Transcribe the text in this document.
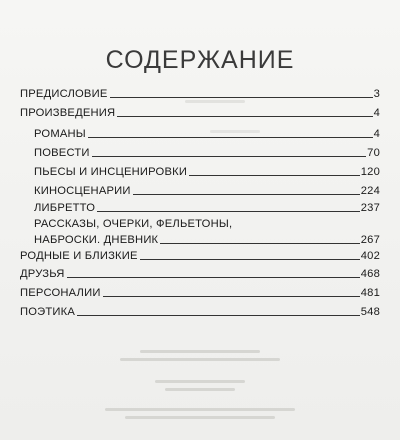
СОДЕРЖАНИЕ
ПРЕДИСЛОВИЕ	3
ПРОИЗВЕДЕНИЯ	4
РОМАНЫ	4
ПОВЕСТИ	70
ПЬЕСЫ И ИНСЦЕНИРОВКИ	120
КИНОСЦЕНАРИИ	224
ЛИБРЕТТО	237
РАССКАЗЫ, ОЧЕРКИ, ФЕЛЬЕТОНЫ,
НАБРОСКИ. ДНЕВНИК	267
РОДНЫЕ И БЛИЗКИЕ	402
ДРУЗЬЯ	468
ПЕРСОНАЛИИ	481
ПОЭТИКА	548
